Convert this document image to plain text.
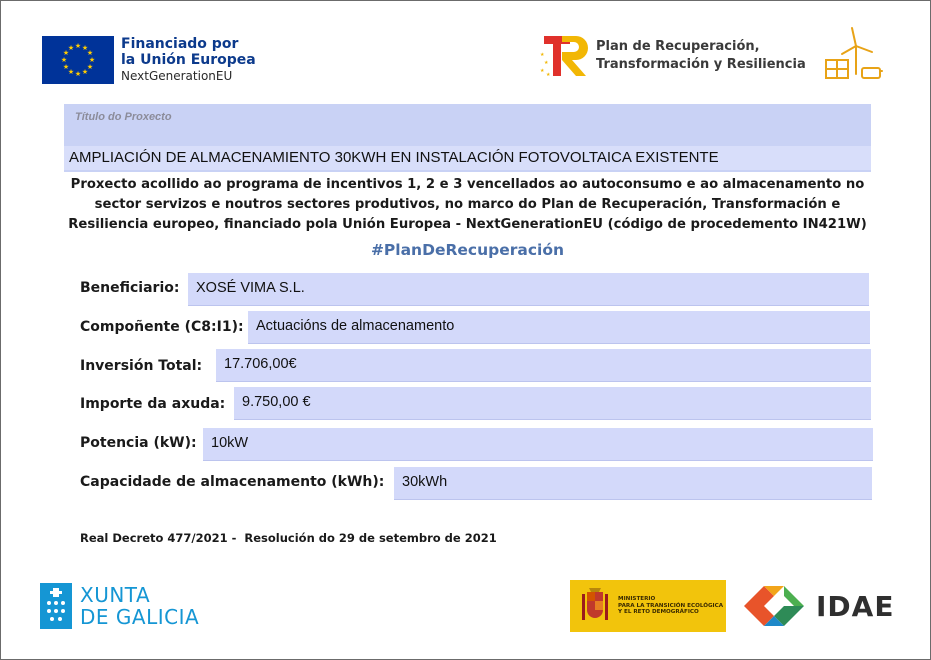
★ ★
★
★
★
★
★
★
★
★
★
★	Financiado por
la Unión Europea
NextGenerationEU
★
★
★
★
Plan de Recuperación,
Transformación y Resiliencia
Título do Proxecto
AMPLIACIÓN DE ALMACENAMIENTO 30KWH EN INSTALACIÓN FOTOVOLTAICA EXISTENTE
Proxecto acollido ao programa de incentivos 1, 2 e 3 vencellados ao autoconsumo e ao almacenamento no
sector servizos e noutros sectores produtivos, no marco do Plan de Recuperación, Transformación e
Resiliencia europeo, financiado pola Unión Europea - NextGenerationEU (código de procedemento IN421W)
#PlanDeRecuperación
Beneficiario: XOSÉ VIMA S.L.
Compoñente (C8:I1): Actuacións de almacenamento
Inversión Total: 17.706,00€
Importe da axuda: 9.750,00 €
Potencia (kW): 10kW
Capacidade de almacenamento (kWh): 30kWh
Real Decreto 477/2021 -  Resolución do 29 de setembro de 2021
XUNTA
DE GALICIA
MINISTERIO
PARA LA TRANSICIÓN ECOLÓGICA
Y EL RETO DEMOGRÁFICO	IDAE
